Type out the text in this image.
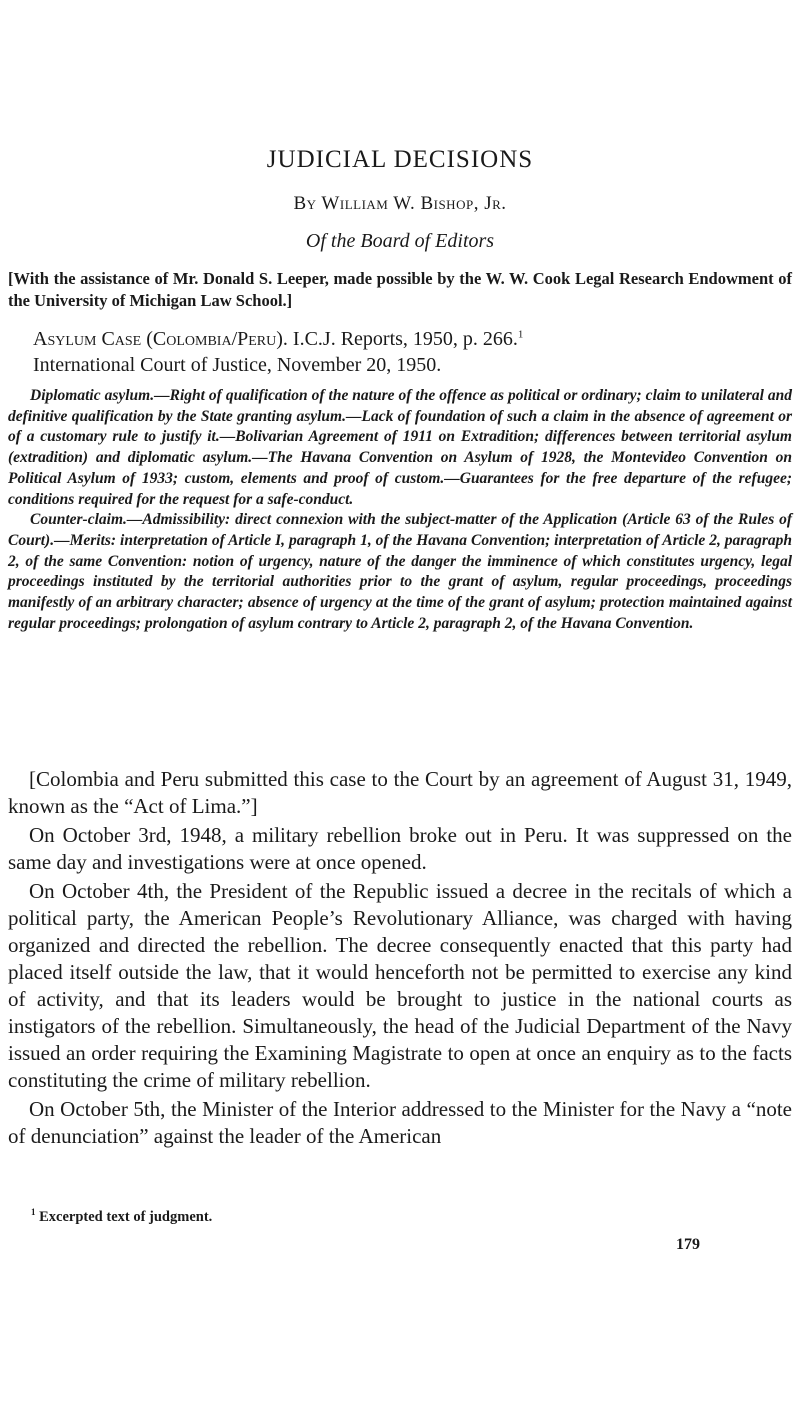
JUDICIAL DECISIONS
By William W. Bishop, Jr.
Of the Board of Editors
[With the assistance of Mr. Donald S. Leeper, made possible by the W. W. Cook Legal Research Endowment of the University of Michigan Law School.]
Asylum Case (Colombia/Peru). I.C.J. Reports, 1950, p. 266.$^1$
International Court of Justice, November 20, 1950.

Diplomatic asylum.—Right of qualification of the nature of the offence as political or ordinary; claim to unilateral and definitive qualification by the State granting asylum.—Lack of foundation of such a claim in the absence of agreement or of a customary rule to justify it.—Bolivarian Agreement of 1911 on Extradition; differences between territorial asylum (extradition) and diplomatic asylum.—The Havana Convention on Asylum of 1928, the Montevideo Convention on Political Asylum of 1933; custom, elements and proof of custom.—Guarantees for the free departure of the refugee; conditions required for the request for a safe-conduct.

Counter-claim.—Admissibility: direct connexion with the subject-matter of the Application (Article 63 of the Rules of Court).—Merits: interpretation of Article I, paragraph 1, of the Havana Convention; interpretation of Article 2, paragraph 2, of the same Convention: notion of urgency, nature of the danger the imminence of which constitutes urgency, legal proceedings instituted by the territorial authorities prior to the grant of asylum, regular proceedings, proceedings manifestly of an arbitrary character; absence of urgency at the time of the grant of asylum; protection maintained against regular proceedings; prolongation of asylum contrary to Article 2, paragraph 2, of the Havana Convention.

[Colombia and Peru submitted this case to the Court by an agreement of August 31, 1949, known as the “Act of Lima.”]

On October 3rd, 1948, a military rebellion broke out in Peru. It was suppressed on the same day and investigations were at once opened.

On October 4th, the President of the Republic issued a decree in the recitals of which a political party, the American People’s Revolutionary Alliance, was charged with having organized and directed the rebellion. The decree consequently enacted that this party had placed itself outside the law, that it would henceforth not be permitted to exercise any kind of activity, and that its leaders would be brought to justice in the national courts as instigators of the rebellion. Simultaneously, the head of the Judicial Department of the Navy issued an order requiring the Examining Magistrate to open at once an enquiry as to the facts constituting the crime of military rebellion.

On October 5th, the Minister of the Interior addressed to the Minister for the Navy a “note of denunciation” against the leader of the American

$^1$ Excerpted text of judgment.
179
